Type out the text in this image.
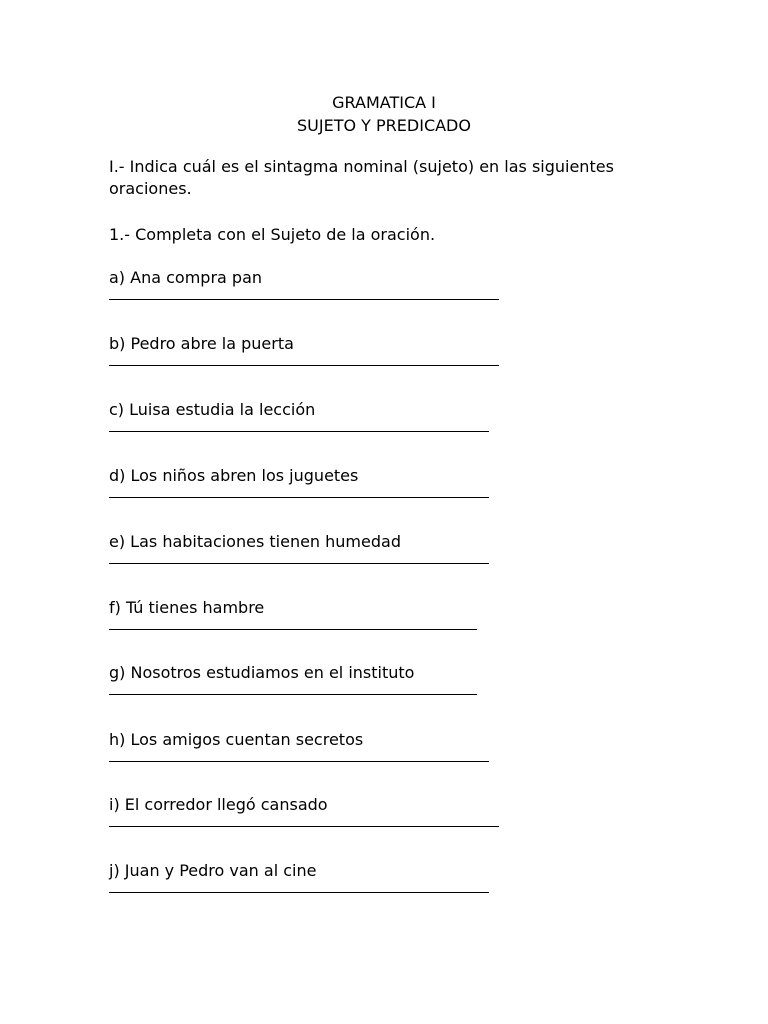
GRAMATICA I
SUJETO Y PREDICADO
I.- Indica cuál es el sintagma nominal (sujeto) en las siguientes oraciones.
1.- Completa con el Sujeto de la oración.
a) Ana compra pan
b) Pedro abre la puerta
c) Luisa estudia la lección
d) Los niños abren los juguetes
e) Las habitaciones tienen humedad
f) Tú tienes hambre
g) Nosotros estudiamos en el instituto
h) Los amigos cuentan secretos
i) El corredor llegó cansado
j) Juan y Pedro van al cine
